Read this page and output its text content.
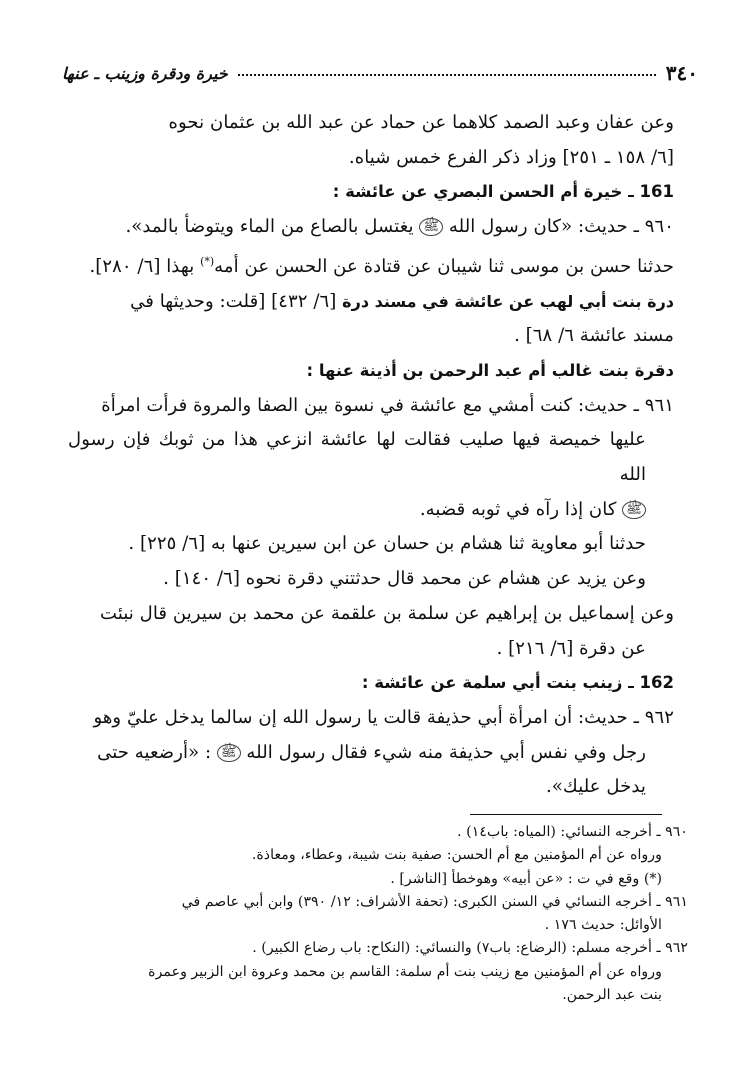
٣٤٠
خيرة ودقرة وزينب ـ عنها

وعن عفان وعبد الصمد كلاهما عن حماد عن عبد الله بن عثمان نحوه

[٦/ ١٥٨ ـ ٢٥١] وزاد ذكر الفرع خمس شياه.

161 ـ خيرة أم الحسن البصري عن عائشة :

٩٦٠ ـ حديث: «كان رسول الله ﷺ يغتسل بالصاع من الماء ويتوضأ بالمد».

حدثنا حسن بن موسى ثنا شيبان عن قتادة عن الحسن عن أمه(*) بهذا [٦/ ٢٨٠].

درة بنت أبي لهب عن عائشة في مسند درة [٦/ ٤٣٢] [قلت: وحديثها في

مسند عائشة ٦/ ٦٨] .

دقرة بنت غالب أم عبد الرحمن بن أذينة عنها :

٩٦١ ـ حديث: كنت أمشي مع عائشة في نسوة بين الصفا والمروة فرأت امرأة

عليها خميصة فيها صليب فقالت لها عائشة انزعي هذا من ثوبك فإن رسول الله

ﷺ كان إذا رآه في ثوبه قضبه.

حدثنا أبو معاوية ثنا هشام بن حسان عن ابن سيرين عنها به [٦/ ٢٢٥] .

وعن يزيد عن هشام عن محمد قال حدثتني دقرة نحوه [٦/ ١٤٠] .

وعن إسماعيل بن إبراهيم عن سلمة بن علقمة عن محمد بن سيرين قال نبئت

عن دقرة [٦/ ٢١٦] .

162 ـ زينب بنت أبي سلمة عن عائشة :

٩٦٢ ـ حديث: أن امرأة أبي حذيفة قالت يا رسول الله إن سالما يدخل عليّ وهو

رجل وفي نفس أبي حذيفة منه شيء فقال رسول الله ﷺ : «أرضعيه حتى

يدخل عليك».

٩٦٠ ـ أخرجه النسائي: (المياه: باب١٤) .

ورواه عن أم المؤمنين مع أم الحسن: صفية بنت شيبة، وعطاء، ومعاذة.

(*) وقع في ت : «عن أبيه» وهوخطأ [الناشر] .

٩٦١ ـ أخرجه النسائي في السنن الكبرى: (تحفة الأشراف: ١٢/ ٣٩٠) وابن أبي عاصم في

الأوائل: حديث ١٧٦ .

٩٦٢ ـ أخرجه مسلم: (الرضاع: باب٧) والنسائي: (النكاح: باب رضاع الكبير) .

ورواه عن أم المؤمنين مع زينب بنت أم سلمة: القاسم بن محمد وعروة ابن الزبير وعمرة

بنت عبد الرحمن.
